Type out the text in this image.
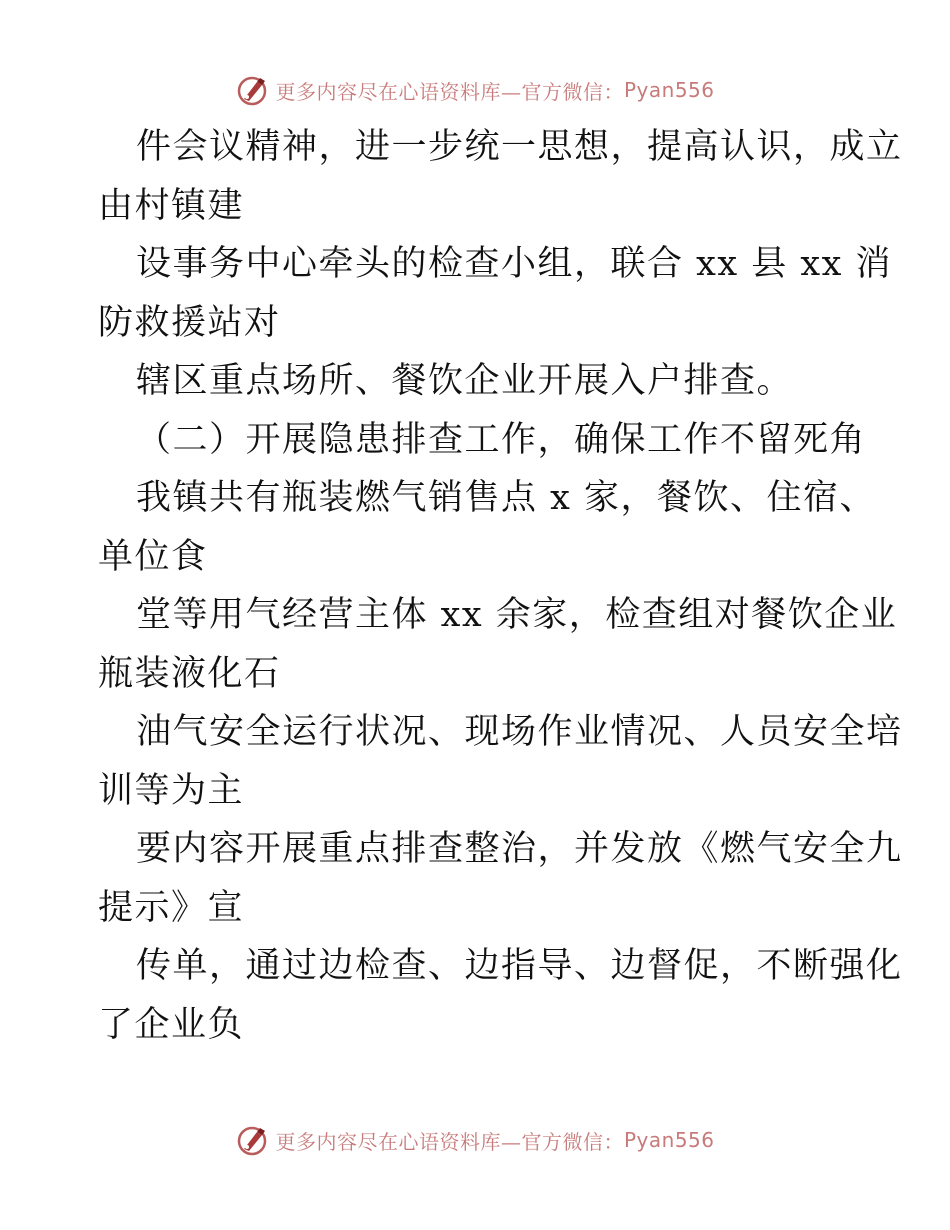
更多内容尽在心语资料库 —官方微信： Pyan556
件会议精神，进一步统一思想，提高认识，成立
由村镇建
设事务中心牵头的检查小组，联合 xx 县 xx 消
防救援站对
辖区重点场所、餐饮企业开展入户排查。
（二）开展隐患排查工作，确保工作不留死角
我镇共有瓶装燃气销售点 x 家，餐饮、住宿、
单位食
堂等用气经营主体 xx 余家，检查组对餐饮企业
瓶装液化石
油气安全运行状况、现场作业情况、人员安全培
训等为主
要内容开展重点排查整治，并发放《燃气安全九
提示》宣
传单，通过边检查、边指导、边督促，不断强化
了企业负
更多内容尽在心语资料库 —官方微信： Pyan556
